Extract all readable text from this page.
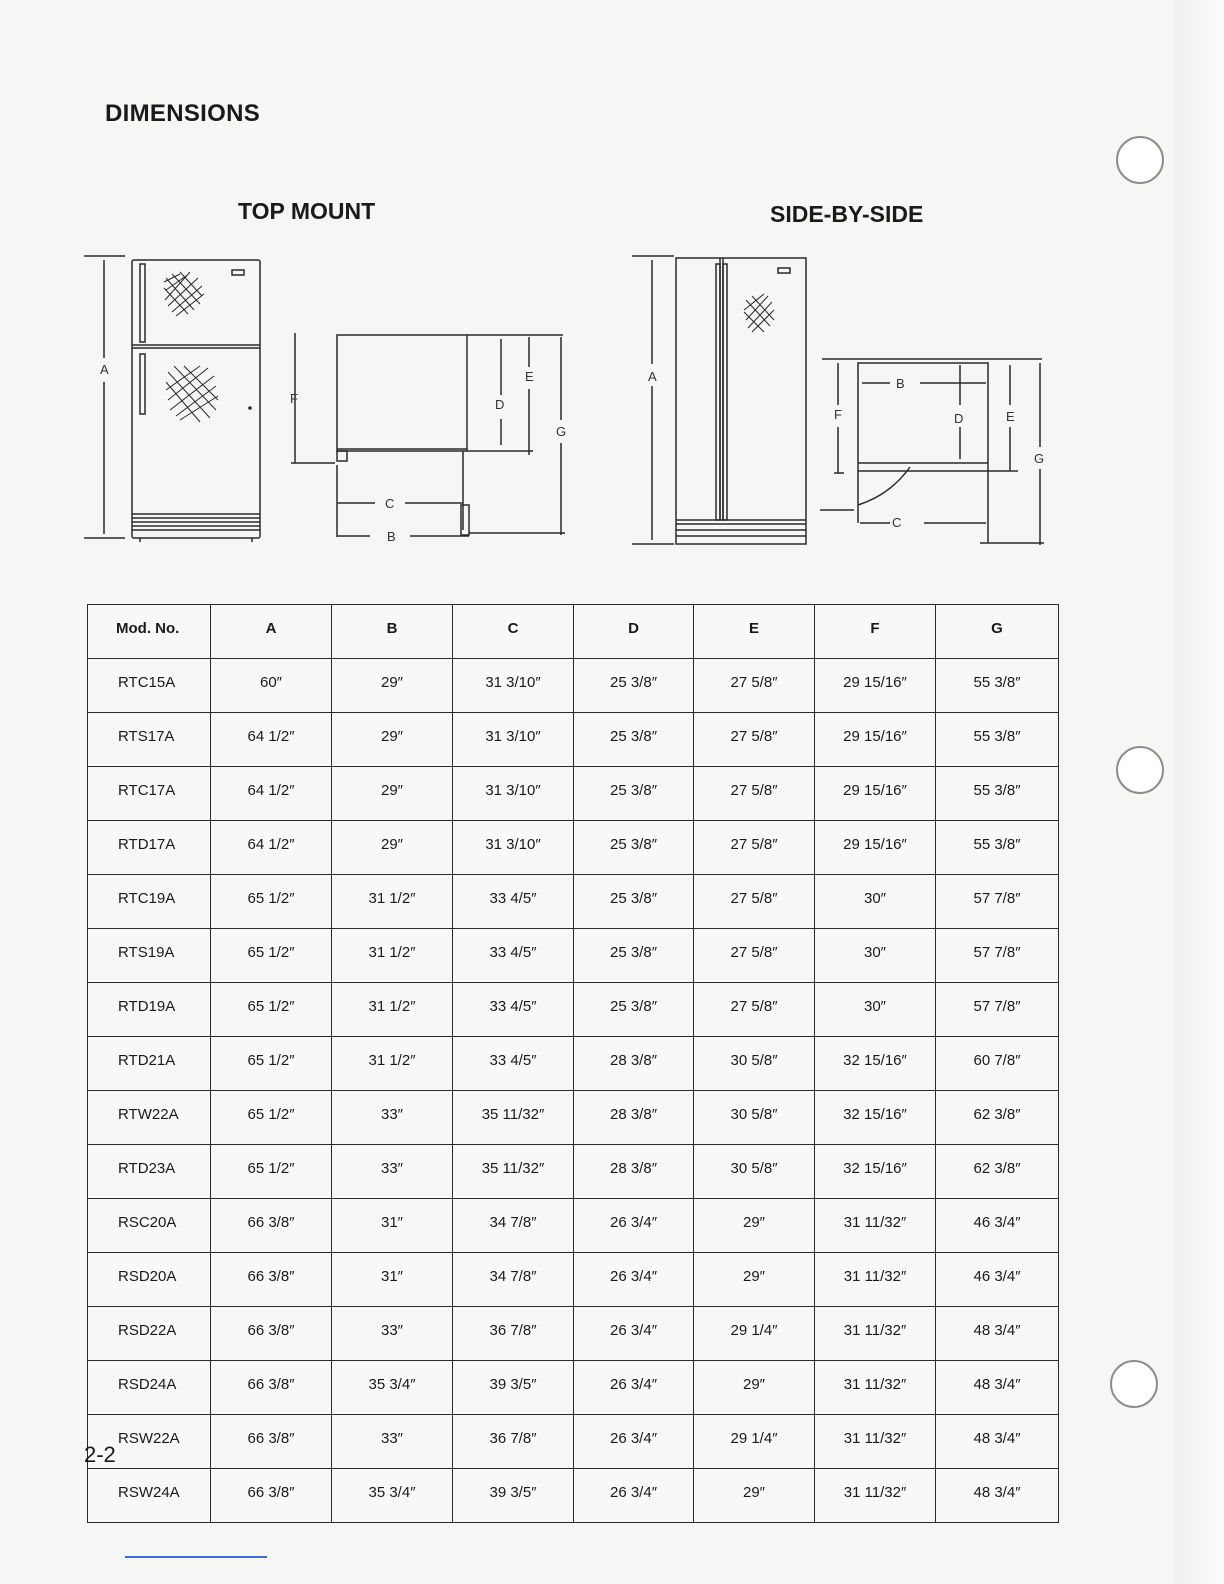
DIMENSIONS
TOP MOUNT	SIDE-BY-SIDE
A
F	D
E
G
C
B
A	B
F	D	E
G
C
Mod. No.	A	B	C	D	E	F	G
RTC15A	60″	29″	31 3/10″	25 3/8″	27 5/8″	29 15/16″	55 3/8″
RTS17A	64 1/2″	29″	31 3/10″	25 3/8″	27 5/8″	29 15/16″	55 3/8″
RTC17A	64 1/2″	29″	31 3/10″	25 3/8″	27 5/8″	29 15/16″	55 3/8″
RTD17A	64 1/2″	29″	31 3/10″	25 3/8″	27 5/8″	29 15/16″	55 3/8″
RTC19A	65 1/2″	31 1/2″	33 4/5″	25 3/8″	27 5/8″	30″	57 7/8″
RTS19A	65 1/2″	31 1/2″	33 4/5″	25 3/8″	27 5/8″	30″	57 7/8″
RTD19A	65 1/2″	31 1/2″	33 4/5″	25 3/8″	27 5/8″	30″	57 7/8″
RTD21A	65 1/2″	31 1/2″	33 4/5″	28 3/8″	30 5/8″	32 15/16″	60 7/8″
RTW22A	65 1/2″	33″	35 11/32″	28 3/8″	30 5/8″	32 15/16″	62 3/8″
RTD23A	65 1/2″	33″	35 11/32″	28 3/8″	30 5/8″	32 15/16″	62 3/8″
RSC20A	66 3/8″	31″	34 7/8″	26 3/4″	29″	31 11/32″	46 3/4″
RSD20A	66 3/8″	31″	34 7/8″	26 3/4″	29″	31 11/32″	46 3/4″
RSD22A	66 3/8″	33″	36 7/8″	26 3/4″	29 1/4″	31 11/32″	48 3/4″
RSD24A	66 3/8″	35 3/4″	39 3/5″	26 3/4″	29″	31 11/32″	48 3/4″
RSW22A	66 3/8″	33″	36 7/8″	26 3/4″	29 1/4″	31 11/32″	48 3/4″
RSW24A	66 3/8″	35 3/4″	39 3/5″	26 3/4″	29″	31 11/32″	48 3/4″
2-2
